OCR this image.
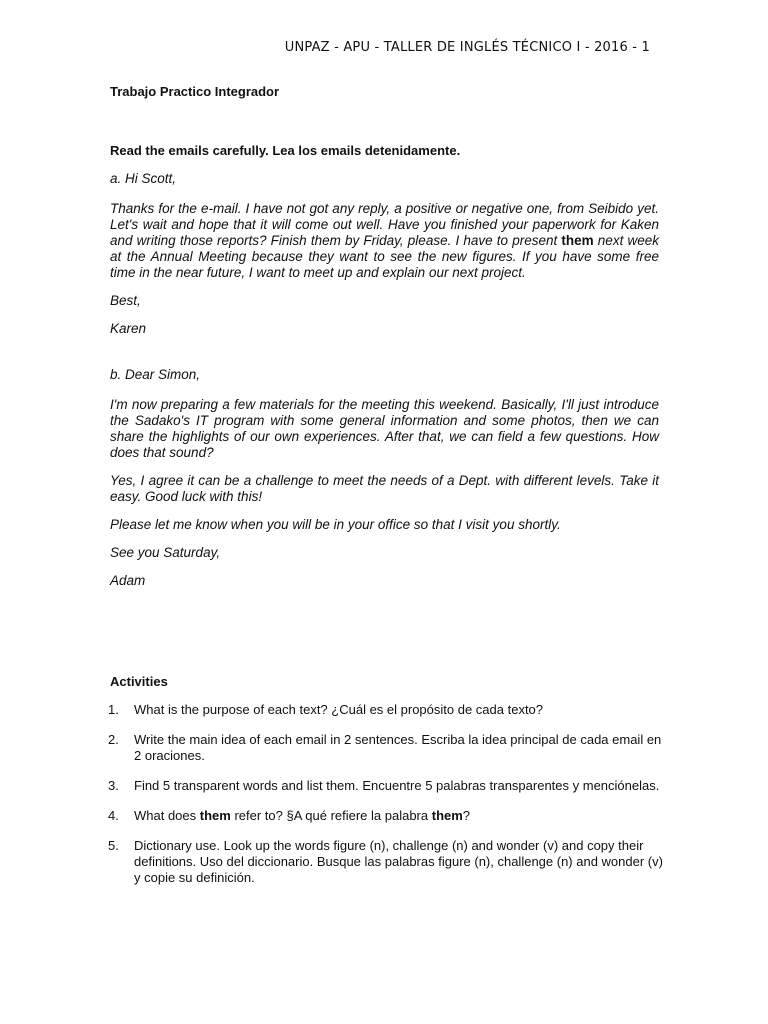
UNPAZ - APU - TALLER DE INGLÉS TÉCNICO I - 2016 - 1
Trabajo Practico Integrador
Read the emails carefully. Lea los emails detenidamente.

a. Hi Scott,

Thanks for the e-mail. I have not got any reply, a positive or negative one, from Seibido yet. Let's wait and hope that it will come out well. Have you finished your paperwork for Kaken and writing those reports? Finish them by Friday, please. I have to present them next week at the Annual Meeting because they want to see the new figures. If you have some free time in the near future, I want to meet up and explain our next project.

Best,

Karen

b. Dear Simon,

I'm now preparing a few materials for the meeting this weekend. Basically, I'll just introduce the Sadako's IT program with some general information and some photos, then we can share the highlights of our own experiences. After that, we can field a few questions. How does that sound?

Yes, I agree it can be a challenge to meet the needs of a Dept. with different levels. Take it easy. Good luck with this!

Please let me know when you will be in your office so that I visit you shortly.

See you Saturday,

Adam

Activities
1.	What is the purpose of each text? ¿Cuál es el propósito de cada texto?
2.	Write the main idea of each email in 2 sentences. Escriba la idea principal de cada email en 2 oraciones.
3.	Find 5 transparent words and list them. Encuentre 5 palabras transparentes y menciónelas.
4.	What does them refer to? §A qué refiere la palabra them?
5.	Dictionary use. Look up the words figure (n), challenge (n) and wonder (v) and copy their definitions. Uso del diccionario. Busque las palabras figure (n), challenge (n) and wonder (v) y copie su definición.
